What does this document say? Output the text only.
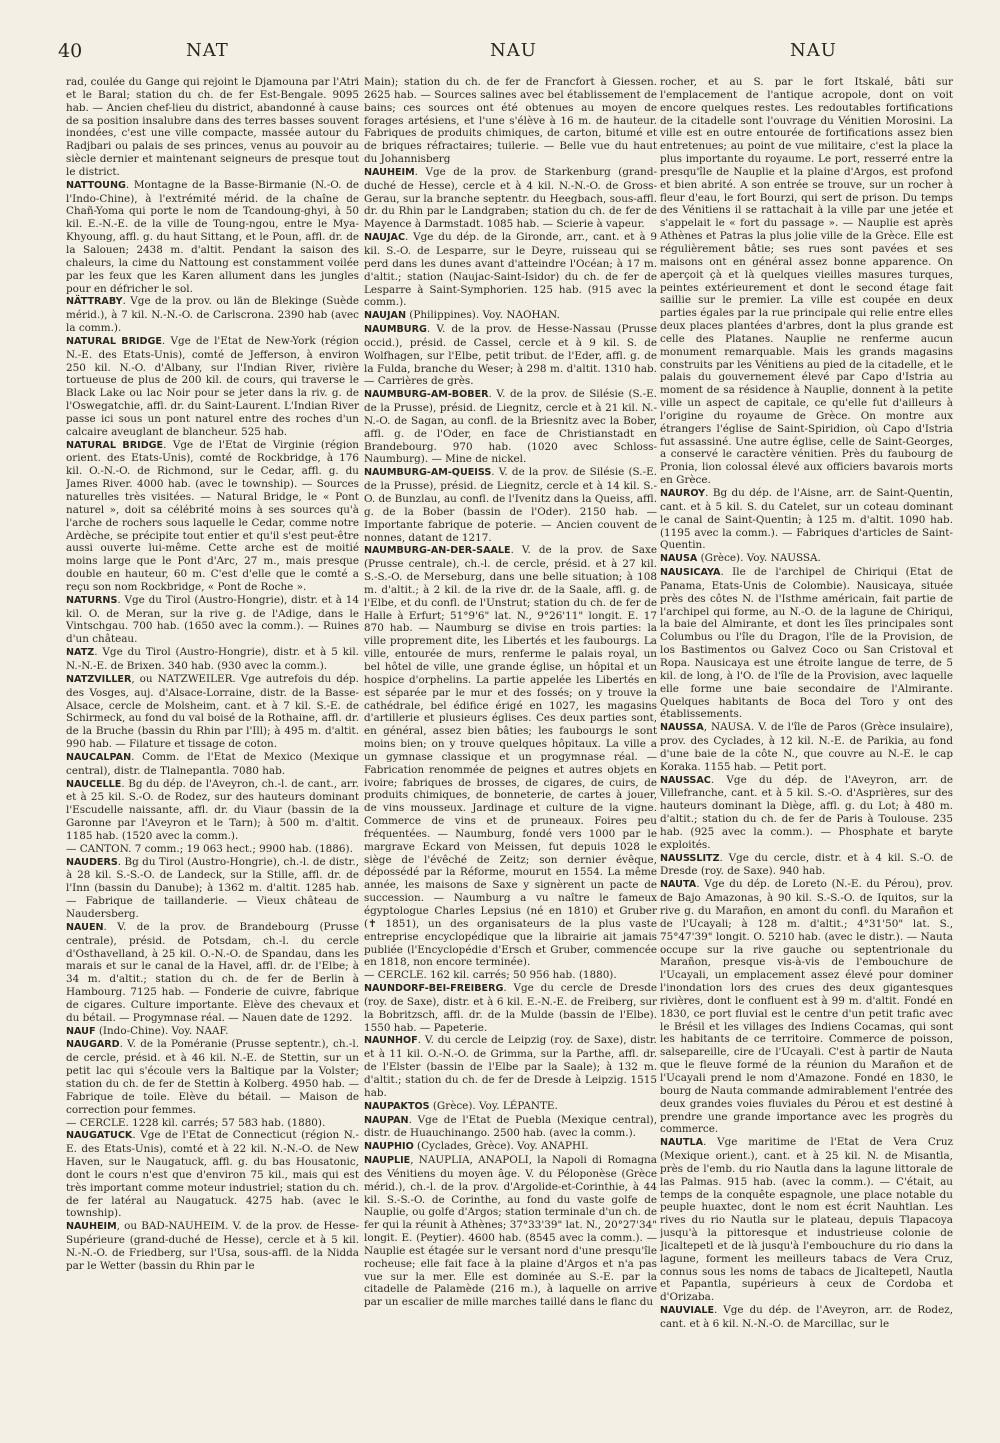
40	NAT	NAU	NAU

rad, coulée du Gange qui rejoint le Djamouna par l'Atri et le Baral; station du ch. de fer Est-Bengale. 9095 hab. — Ancien chef-lieu du district, abandonné à cause de sa position insalubre dans des terres basses souvent inondées, c'est une ville compacte, massée autour du Radjbari ou palais de ses princes, venus au pouvoir au siècle dernier et maintenant seigneurs de presque tout le district.

NATTOUNG. Montagne de la Basse-Birmanie (N.-O. de l'Indo-Chine), à l'extrémité mérid. de la chaîne de Chañ-Yoma qui porte le nom de Tcandoung-ghyi, à 50 kil. E.-N.-E. de la ville de Toung-ngou, entre le Mya-Khyoung, affl. g. du haut Sittang, et le Poun, affl. dr. de la Salouen; 2438 m. d'altit. Pendant la saison des chaleurs, la cime du Nattoung est constamment voilée par les feux que les Karen allument dans les jungles pour en défricher le sol.

NÄTTRABY. Vge de la prov. ou län de Blekinge (Suède mérid.), à 7 kil. N.-N.-O. de Carlscrona. 2390 hab (avec la comm.).

NATURAL BRIDGE. Vge de l'Etat de New-York (région N.-E. des Etats-Unis), comté de Jefferson, à environ 250 kil. N.-O. d'Albany, sur l'Indian River, rivière tortueuse de plus de 200 kil. de cours, qui traverse le Black Lake ou lac Noir pour se jeter dans la riv. g. de l'Oswegatchie, affl. dr. du Saint-Laurent. L'Indian River passe ici sous un pont naturel entre des roches d'un calcaire aveuglant de blancheur. 525 hab.

NATURAL BRIDGE. Vge de l'Etat de Virginie (région orient. des Etats-Unis), comté de Rockbridge, à 176 kil. O.-N.-O. de Richmond, sur le Cedar, affl. g. du James River. 4000 hab. (avec le township). — Sources naturelles très visitées. — Natural Bridge, le « Pont naturel », doit sa célébrité moins à ses sources qu'à l'arche de rochers sous laquelle le Cedar, comme notre Ardèche, se précipite tout entier et qu'il s'est peut-être aussi ouverte lui-même. Cette arche est de moitié moins large que le Pont d'Arc, 27 m., mais presque double en hauteur, 60 m. C'est d'elle que le comté a reçu son nom Rockbridge, « Pont de Roche ».

NATURNS. Vge du Tirol (Austro-Hongrie), distr. et à 14 kil. O. de Meran, sur la rive g. de l'Adige, dans le Vintschgau. 700 hab. (1650 avec la comm.). — Ruines d'un château.

NATZ. Vge du Tirol (Austro-Hongrie), distr. et à 5 kil. N.-N.-E. de Brixen. 340 hab. (930 avec la comm.).

NATZVILLER, ou NATZWEILER. Vge autrefois du dép. des Vosges, auj. d'Alsace-Lorraine, distr. de la Basse-Alsace, cercle de Molsheim, cant. et à 7 kil. S.-E. de Schirmeck, au fond du val boisé de la Rothaine, affl. dr. de la Bruche (bassin du Rhin par l'Ill); à 495 m. d'altit. 990 hab. — Filature et tissage de coton.

NAUCALPAN. Comm. de l'Etat de Mexico (Mexique central), distr. de Tlalnepantla. 7080 hab.

NAUCELLE. Bg du dép. de l'Aveyron, ch.-l. de cant., arr. et à 25 kil. S.-O. de Rodez, sur des hauteurs dominant l'Escudelle naissante, affl. dr. du Viaur (bassin de la Garonne par l'Aveyron et le Tarn); à 500 m. d'altit. 1185 hab. (1520 avec la comm.).

— CANTON. 7 comm.; 19 063 hect.; 9900 hab. (1886).

NAUDERS. Bg du Tirol (Austro-Hongrie), ch.-l. de distr., à 28 kil. S.-S.-O. de Landeck, sur la Stille, affl. dr. de l'Inn (bassin du Danube); à 1362 m. d'altit. 1285 hab. — Fabrique de taillanderie. — Vieux château de Naudersberg.

NAUEN. V. de la prov. de Brandebourg (Prusse centrale), présid. de Potsdam, ch.-l. du cercle d'Osthavelland, à 25 kil. O.-N.-O. de Spandau, dans les marais et sur le canal de la Havel, affl. dr. de l'Elbe; à 34 m. d'altit.; station du ch. de fer de Berlin à Hambourg. 7125 hab. — Fonderie de cuivre, fabrique de cigares. Culture importante. Elève des chevaux et du bétail. — Progymnase réal. — Nauen date de 1292.

NAUF (Indo-Chine). Voy. NAAF.

NAUGARD. V. de la Poméranie (Prusse septentr.), ch.-l. de cercle, présid. et à 46 kil. N.-E. de Stettin, sur un petit lac qui s'écoule vers la Baltique par la Volster; station du ch. de fer de Stettin à Kolberg. 4950 hab. — Fabrique de toile. Elève du bétail. — Maison de correction pour femmes.

— CERCLE. 1228 kil. carrés; 57 583 hab. (1880).

NAUGATUCK. Vge de l'Etat de Connecticut (région N.-E. des Etats-Unis), comté et à 22 kil. N.-N.-O. de New Haven, sur le Naugatuck, affl. g. du bas Housatonic, dont le cours n'est que d'environ 75 kil., mais qui est très important comme moteur industriel; station du ch. de fer latéral au Naugatuck. 4275 hab. (avec le township).

NAUHEIM, ou BAD-NAUHEIM. V. de la prov. de Hesse-Supérieure (grand-duché de Hesse), cercle et à 5 kil. N.-N.-O. de Friedberg, sur l'Usa, sous-affl. de la Nidda par le Wetter (bassin du Rhin par le

Main); station du ch. de fer de Francfort à Giessen. 2625 hab. — Sources salines avec bel établissement de bains; ces sources ont été obtenues au moyen de forages artésiens, et l'une s'élève à 16 m. de hauteur. Fabriques de produits chimiques, de carton, bitumé et de briques réfractaires; tuilerie. — Belle vue du haut du Johannisberg

NAUHEIM. Vge de la prov. de Starkenburg (grand-duché de Hesse), cercle et à 4 kil. N.-N.-O. de Gross-Gerau, sur la branche septentr. du Heegbach, sous-affl. dr. du Rhin par le Landgraben; station du ch. de fer de Mayence à Darmstadt. 1085 hab. — Scierie à vapeur.

NAUJAC. Vge du dép. de la Gironde, arr., cant. et à 9 kil. S.-O. de Lesparre, sur le Deyre, ruisseau qui se perd dans les dunes avant d'atteindre l'Océan; à 17 m. d'altit.; station (Naujac-Saint-Isidor) du ch. de fer de Lesparre à Saint-Symphorien. 125 hab. (915 avec la comm.).

NAUJAN (Philippines). Voy. NAOHAN.

NAUMBURG. V. de la prov. de Hesse-Nassau (Prusse occid.), présid. de Cassel, cercle et à 9 kil. S. de Wolfhagen, sur l'Elbe, petit tribut. de l'Eder, affl. g. de la Fulda, branche du Weser; à 298 m. d'altit. 1310 hab. — Carrières de grès.

NAUMBURG-AM-BOBER. V. de la prov. de Silésie (S.-E. de la Prusse), présid. de Liegnitz, cercle et à 21 kil. N.-N.-O. de Sagan, au confl. de la Briesnitz avec la Bober, affl. g. de l'Oder, en face de Christianstadt en Brandebourg. 970 hab. (1020 avec Schloss-Naumburg). — Mine de nickel.

NAUMBURG-AM-QUEISS. V. de la prov. de Silésie (S.-E. de la Prusse), présid. de Liegnitz, cercle et à 14 kil. S.-O. de Bunzlau, au confl. de l'Ivenitz dans la Queiss, affl. g. de la Bober (bassin de l'Oder). 2150 hab. — Importante fabrique de poterie. — Ancien couvent de nonnes, datant de 1217.

NAUMBURG-AN-DER-SAALE. V. de la prov. de Saxe (Prusse centrale), ch.-l. de cercle, présid. et à 27 kil. S.-S.-O. de Merseburg, dans une belle situation; à 108 m. d'altit.; à 2 kil. de la rive dr. de la Saale, affl. g. de l'Elbe, et du confl. de l'Unstrut; station du ch. de fer de Halle à Erfurt; 51°9'6" lat. N., 9°26'11" longit. E. 17 870 hab. — Naumburg se divise en trois parties: la ville proprement dite, les Libertés et les faubourgs. La ville, entourée de murs, renferme le palais royal, un bel hôtel de ville, une grande église, un hôpital et un hospice d'orphelins. La partie appelée les Libertés en est séparée par le mur et des fossés; on y trouve la cathédrale, bel édifice érigé en 1027, les magasins d'artillerie et plusieurs églises. Ces deux parties sont, en général, assez bien bâties; les faubourgs le sont moins bien; on y trouve quelques hôpitaux. La ville a un gymnase classique et un progymnase réal. — Fabrication renommée de peignes et autres objets en ivoire; fabriques de brosses, de cigares, de cuirs, de produits chimiques, de bonneterie, de cartes à jouer, de vins mousseux. Jardinage et culture de la vigne. Commerce de vins et de pruneaux. Foires peu fréquentées. — Naumburg, fondé vers 1000 par le margrave Eckard von Meissen, fut depuis 1028 le siège de l'évêché de Zeitz; son dernier évêque, dépossédé par la Réforme, mourut en 1554. La même année, les maisons de Saxe y signèrent un pacte de succession. — Naumburg a vu naître le fameux égyptologue Charles Lepsius (né en 1810) et Gruber (✝ 1851), un des organisateurs de la plus vaste entreprise encyclopédique que la librairie ait jamais publiée (l'Encyclopédie d'Ersch et Gruber, commencée en 1818, non encore terminée).

— CERCLE. 162 kil. carrés; 50 956 hab. (1880).

NAUNDORF-BEI-FREIBERG. Vge du cercle de Dresde (roy. de Saxe), distr. et à 6 kil. E.-N.-E. de Freiberg, sur la Bobritzsch, affl. dr. de la Mulde (bassin de l'Elbe). 1550 hab. — Papeterie.

NAUNHOF. V. du cercle de Leipzig (roy. de Saxe), distr. et à 11 kil. O.-N.-O. de Grimma, sur la Parthe, affl. dr. de l'Elster (bassin de l'Elbe par la Saale); à 132 m. d'altit.; station du ch. de fer de Dresde à Leipzig. 1515 hab.

NAUPAKTOS (Grèce). Voy. LÉPANTE.

NAUPAN. Vge de l'Etat de Puebla (Mexique central), distr. de Huauchinango. 2500 hab. (avec la comm.).

NAUPHIO (Cyclades, Grèce). Voy. ANAPHI.

NAUPLIE, NAUPLIA, ANAPOLI, la Napoli di Romagna des Vénitiens du moyen âge. V. du Péloponèse (Grèce mérid.), ch.-l. de la prov. d'Argolide-et-Corinthie, à 44 kil. S.-S.-O. de Corinthe, au fond du vaste golfe de Nauplie, ou golfe d'Argos; station terminale d'un ch. de fer qui la réunit à Athènes; 37°33'39" lat. N., 20°27'34" longit. E. (Peytier). 4600 hab. (8545 avec la comm.). — Nauplie est étagée sur le versant nord d'une presqu'île rocheuse; elle fait face à la plaine d'Argos et n'a pas vue sur la mer. Elle est dominée au S.-E. par la citadelle de Palamède (216 m.), à laquelle on arrive par un escalier de mille marches taillé dans le flanc du

rocher, et au S. par le fort Itskalé, bâti sur l'emplacement de l'antique acropole, dont on voit encore quelques restes. Les redoutables fortifications de la citadelle sont l'ouvrage du Vénitien Morosini. La ville est en outre entourée de fortifications assez bien entretenues; au point de vue militaire, c'est la place la plus importante du royaume. Le port, resserré entre la presqu'île de Nauplie et la plaine d'Argos, est profond et bien abrité. A son entrée se trouve, sur un rocher à fleur d'eau, le fort Bourzi, qui sert de prison. Du temps des Vénitiens il se rattachait à la ville par une jetée et s'appelait le « fort du passage ». — Nauplie est après Athènes et Patras la plus jolie ville de la Grèce. Elle est régulièrement bâtie; ses rues sont pavées et ses maisons ont en général assez bonne apparence. On aperçoit çà et là quelques vieilles masures turques, peintes extérieurement et dont le second étage fait saillie sur le premier. La ville est coupée en deux parties égales par la rue principale qui relie entre elles deux places plantées d'arbres, dont la plus grande est celle des Platanes. Nauplie ne renferme aucun monument remarquable. Mais les grands magasins construits par les Vénitiens au pied de la citadelle, et le palais du gouvernement élevé par Capo d'Istria au moment de sa résidence à Nauplie, donnent à la petite ville un aspect de capitale, ce qu'elle fut d'ailleurs à l'origine du royaume de Grèce. On montre aux étrangers l'église de Saint-Spiridion, où Capo d'Istria fut assassiné. Une autre église, celle de Saint-Georges, a conservé le caractère vénitien. Près du faubourg de Pronia, lion colossal élevé aux officiers bavarois morts en Grèce.

NAUROY. Bg du dép. de l'Aisne, arr. de Saint-Quentin, cant. et à 5 kil. S. du Catelet, sur un coteau dominant le canal de Saint-Quentin; à 125 m. d'altit. 1090 hab. (1195 avec la comm.). — Fabriques d'articles de Saint-Quentin.

NAUSA (Grèce). Voy. NAUSSA.

NAUSICAYA. Ile de l'archipel de Chiriqui (Etat de Panama, Etats-Unis de Colombie). Nausicaya, située près des côtes N. de l'Isthme américain, fait partie de l'archipel qui forme, au N.-O. de la lagune de Chiriqui, la baie del Almirante, et dont les îles principales sont Columbus ou l'île du Dragon, l'île de la Provision, de los Bastimentos ou Galvez Coco ou San Cristoval et Ropa. Nausicaya est une étroite langue de terre, de 5 kil. de long, à l'O. de l'île de la Provision, avec laquelle elle forme une baie secondaire de l'Almirante. Quelques habitants de Boca del Toro y ont des établissements.

NAUSSA, NAUSA. V. de l'île de Paros (Grèce insulaire), prov. des Cyclades, à 12 kil. N.-E. de Parikia, au fond d'une baie de la côte N., que couvre au N.-E. le cap Koraka. 1155 hab. — Petit port.

NAUSSAC. Vge du dép. de l'Aveyron, arr. de Villefranche, cant. et à 5 kil. S.-O. d'Asprières, sur des hauteurs dominant la Diège, affl. g. du Lot; à 480 m. d'altit.; station du ch. de fer de Paris à Toulouse. 235 hab. (925 avec la comm.). — Phosphate et baryte exploités.

NAUSSLITZ. Vge du cercle, distr. et à 4 kil. S.-O. de Dresde (roy. de Saxe). 940 hab.

NAUTA. Vge du dép. de Loreto (N.-E. du Pérou), prov. de Bajo Amazonas, à 90 kil. S.-S.-O. de Iquitos, sur la rive g. du Marañon, en amont du confl. du Marañon et de l'Ucayali; à 128 m. d'altit.; 4°31'50" lat. S., 75°47'39" longit. O. 5210 hab. (avec le distr.). — Nauta occupe sur la rive gauche ou septentrionale du Marañon, presque vis-à-vis de l'embouchure de l'Ucayali, un emplacement assez élevé pour dominer l'inondation lors des crues des deux gigantesques rivières, dont le confluent est à 99 m. d'altit. Fondé en 1830, ce port fluvial est le centre d'un petit trafic avec le Brésil et les villages des Indiens Cocamas, qui sont les habitants de ce territoire. Commerce de poisson, salsepareille, cire de l'Ucayali. C'est à partir de Nauta que le fleuve formé de la réunion du Marañon et de l'Ucayali prend le nom d'Amazone. Fondé en 1830, le bourg de Nauta commande admirablement l'entrée des deux grandes voies fluviales du Pérou et est destiné à prendre une grande importance avec les progrès du commerce.

NAUTLA. Vge maritime de l'Etat de Vera Cruz (Mexique orient.), cant. et à 25 kil. N. de Misantla, près de l'emb. du rio Nautla dans la lagune littorale de las Palmas. 915 hab. (avec la comm.). — C'était, au temps de la conquête espagnole, une place notable du peuple huaxtec, dont le nom est écrit Nauhtlan. Les rives du rio Nautla sur le plateau, depuis Tlapacoya jusqu'à la pittoresque et industrieuse colonie de Jicaltepetl et de là jusqu'à l'embouchure du rio dans la lagune, forment les meilleurs tabacs de Vera Cruz, connus sous les noms de tabacs de Jicaltepetl, Nautla et Papantla, supérieurs à ceux de Cordoba et d'Orizaba.

NAUVIALE. Vge du dép. de l'Aveyron, arr. de Rodez, cant. et à 6 kil. N.-N.-O. de Marcillac, sur le
